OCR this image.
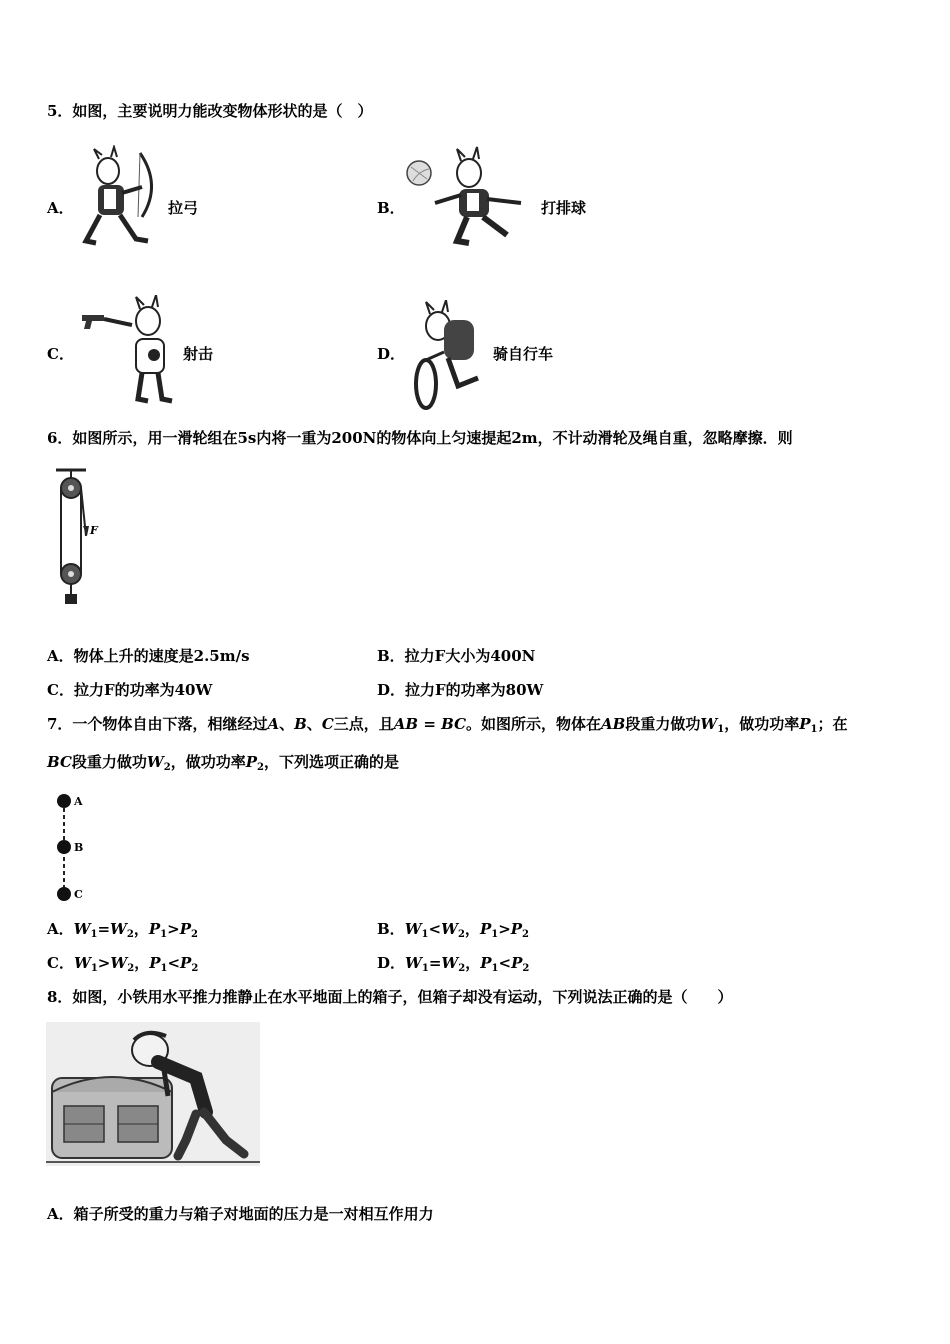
5．如图，主要说明力能改变物体形状的是（　）
A．	拉弓	B．	打排球
C．	射击	D．	骑自行车
6．如图所示，用一滑轮组在5s内将一重为200N的物体向上匀速提起2m，不计动滑轮及绳自重，忽略摩擦．则
F
A．物体上升的速度是2.5m/s	B．拉力F大小为400N
C．拉力F的功率为40W	D．拉力F的功率为80W
7．一个物体自由下落，相继经过A、B、C三点，且AB = BC。如图所示，物体在AB段重力做功$W_1$，做功功率$P_1$；在
BC段重力做功$W_2$，做功功率$P_2$，下列选项正确的是
A
B
C
A．$W_1=W_2$，$P_1>P_2$	B．$W_1<W_2$，$P_1>P_2$
C．$W_1>W_2$，$P_1<P_2$	D．$W_1=W_2$，$P_1<P_2$
8．如图，小铁用水平推力推静止在水平地面上的箱子，但箱子却没有运动，下列说法正确的是（　　）
A．箱子所受的重力与箱子对地面的压力是一对相互作用力
